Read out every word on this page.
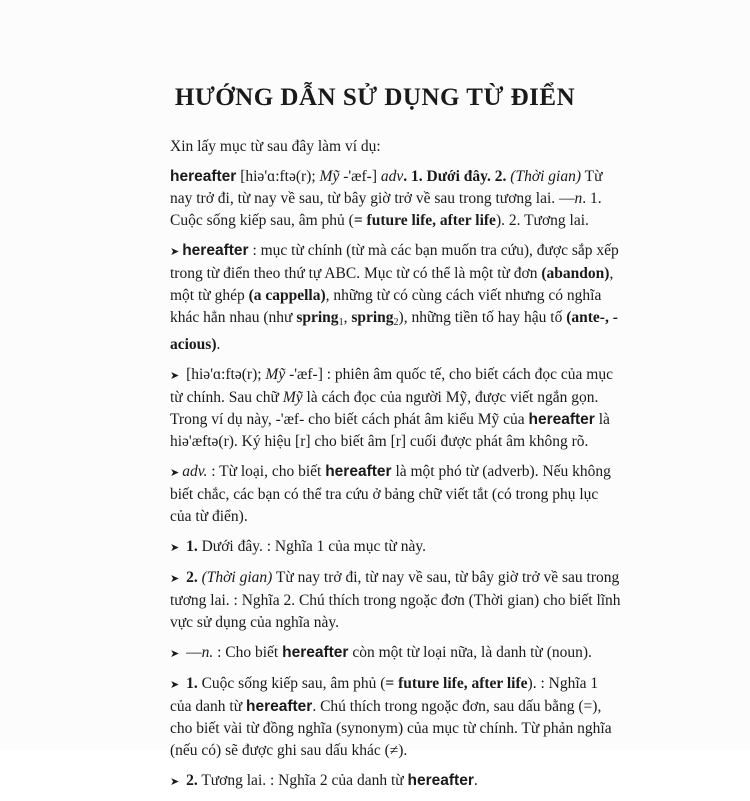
HƯỚNG DẪN SỬ DỤNG TỪ ĐIỂN

Xin lấy mục từ sau đây làm ví dụ:

hereafter [hiə'ɑ:ftə(r); Mỹ -'æf-] adv. 1. Dưới đây. 2. (Thời gian) Từ nay trở đi, từ nay về sau, từ bây giờ trở về sau trong tương lai. —n. 1. Cuộc sống kiếp sau, âm phủ (= future life, after life). 2. Tương lai.

➤ hereafter : mục từ chính (từ mà các bạn muốn tra cứu), được sắp xếp trong từ điển theo thứ tự ABC. Mục từ có thể là một từ đơn (abandon), một từ ghép (a cappella), những từ có cùng cách viết nhưng có nghĩa khác hẳn nhau (như spring$_1$, spring$_2$), những tiền tố hay hậu tố (ante-, -acious).

➤ [hiə'ɑ:ftə(r); Mỹ -'æf-] : phiên âm quốc tế, cho biết cách đọc của mục từ chính. Sau chữ Mỹ là cách đọc của người Mỹ, được viết ngắn gọn. Trong ví dụ này, -'æf- cho biết cách phát âm kiểu Mỹ của hereafter là hiə'æftə(r). Ký hiệu [r] cho biết âm [r] cuối được phát âm không rõ.

➤ adv. : Từ loại, cho biết hereafter là một phó từ (adverb). Nếu không biết chắc, các bạn có thể tra cứu ở bảng chữ viết tắt (có trong phụ lục của từ điển).

➤ 1. Dưới đây. : Nghĩa 1 của mục từ này.

➤ 2. (Thời gian) Từ nay trở đi, từ nay về sau, từ bây giờ trở về sau trong tương lai. : Nghĩa 2. Chú thích trong ngoặc đơn (Thời gian) cho biết lĩnh vực sử dụng của nghĩa này.

➤ —n. : Cho biết hereafter còn một từ loại nữa, là danh từ (noun).

➤ 1. Cuộc sống kiếp sau, âm phủ (= future life, after life). : Nghĩa 1 của danh từ hereafter. Chú thích trong ngoặc đơn, sau dấu bằng (=), cho biết vài từ đồng nghĩa (synonym) của mục từ chính. Từ phản nghĩa (nếu có) sẽ được ghi sau dấu khác (≠).

➤ 2. Tương lai. : Nghĩa 2 của danh từ hereafter.
